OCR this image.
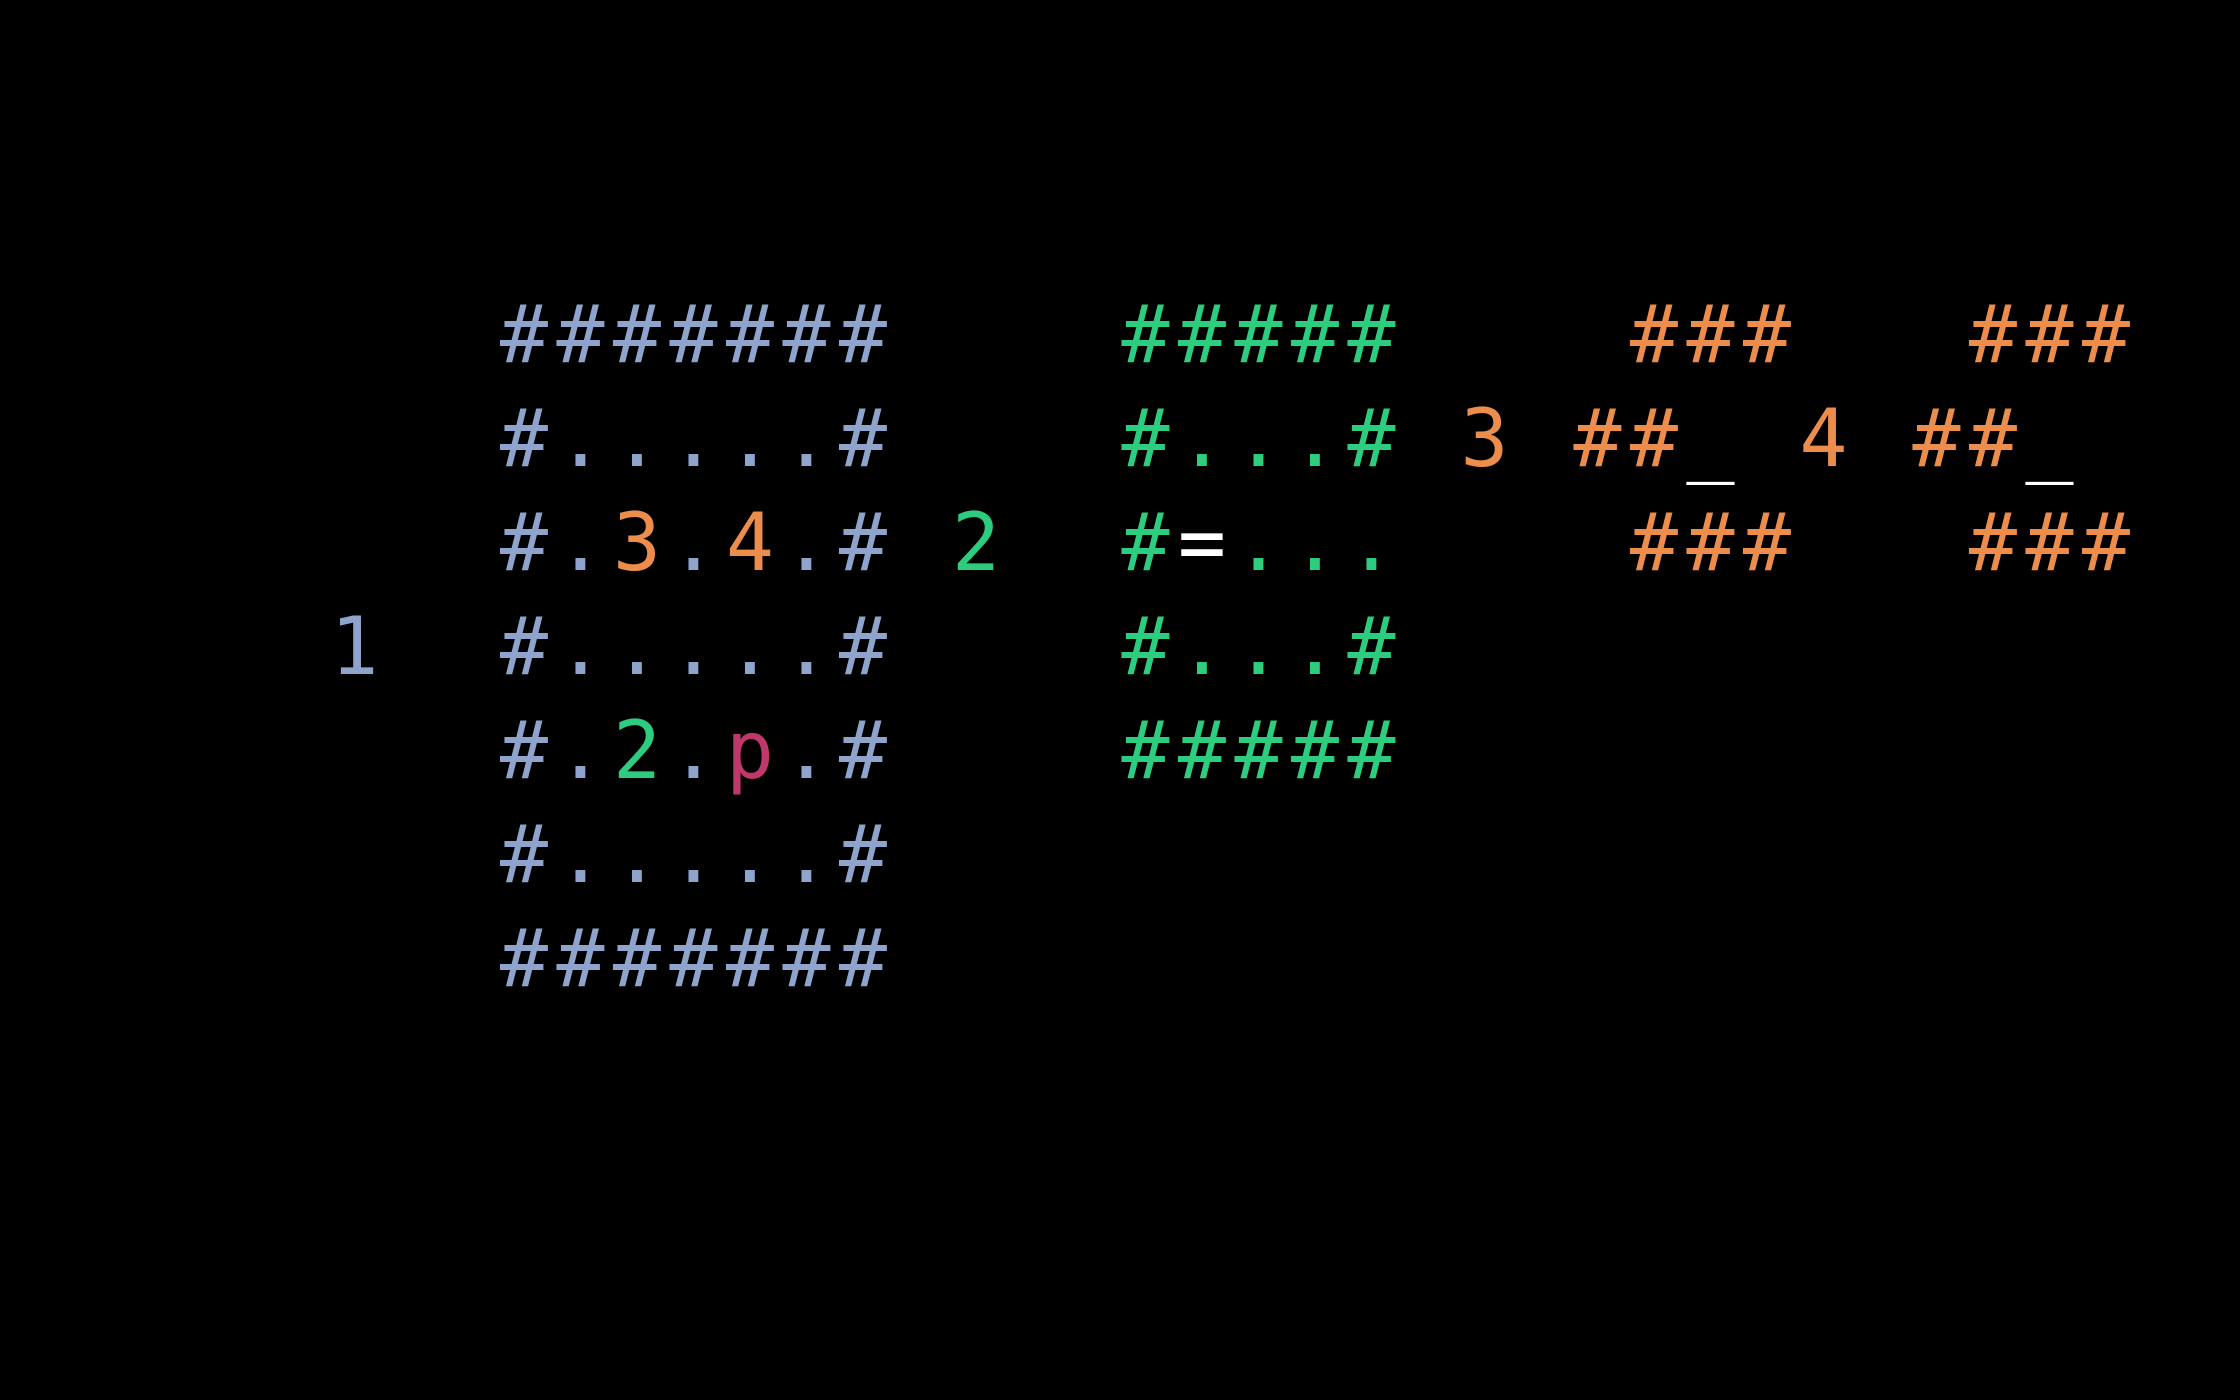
# # # # # # #	# # # # #	# # # # # #
# . . . . . #	# . . . # 3 # # _ 4 # # _
# . 3 . 4 . # 2 # = . . .	# # # # # #
1 # . . . . . #	# . . . #
# . 2 . p . #	# # # # #
# . . . . . #
# # # # # # #
